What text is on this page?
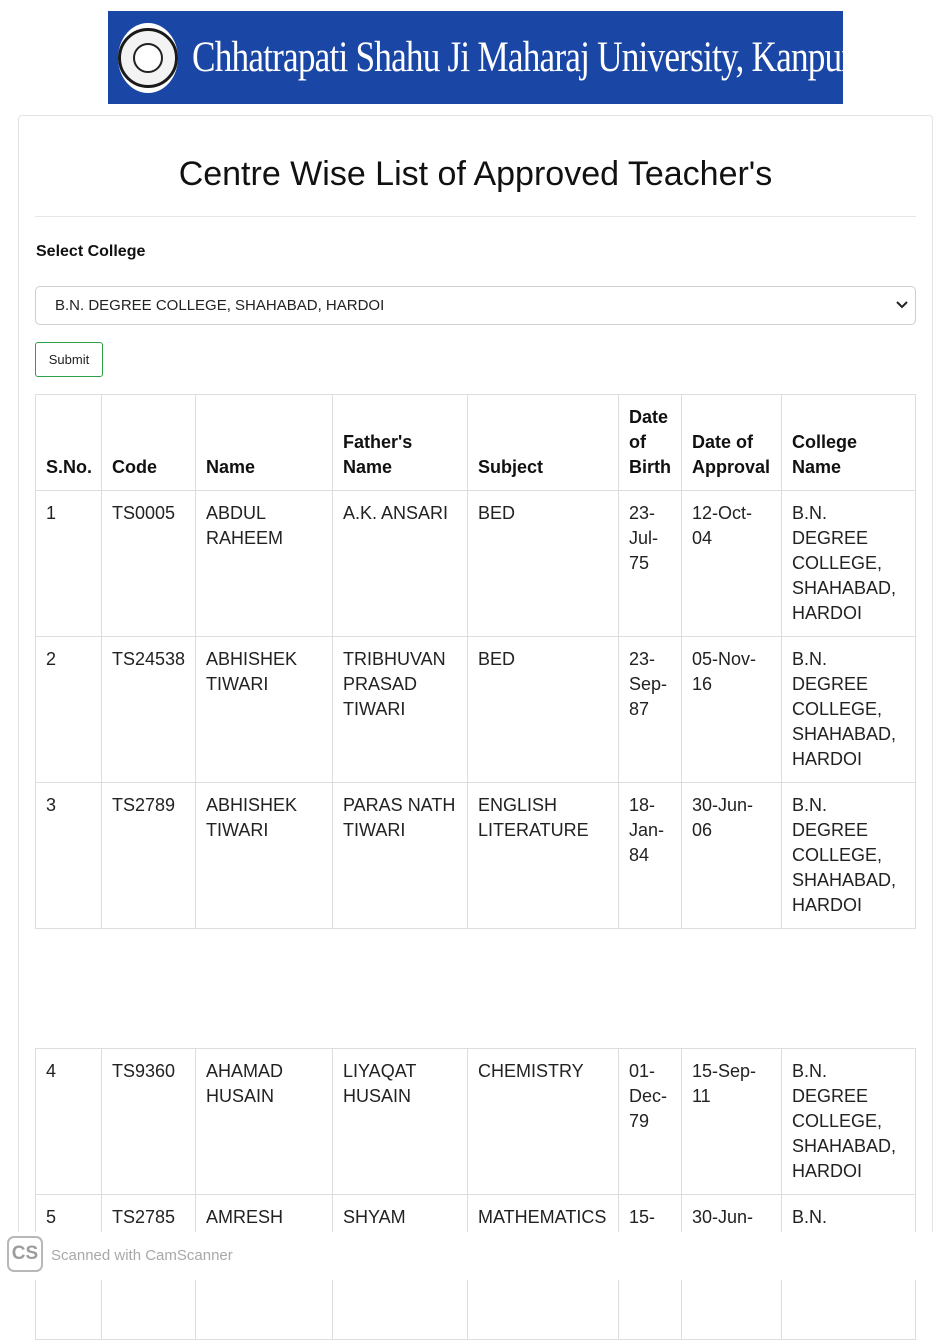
Chhatrapati Shahu Ji Maharaj University, Kanpur
Centre Wise List of Approved Teacher's
Select College
B.N. DEGREE COLLEGE, SHAHABAD, HARDOI
Submit
S.No.	Code	Name	Father's Name	Subject	Date of Birth	Date of Approval	College Name
1	TS0005	ABDUL RAHEEM	A.K. ANSARI	BED	23-Jul-75	12-Oct-04	B.N. DEGREE COLLEGE, SHAHABAD, HARDOI
2	TS24538	ABHISHEK TIWARI	TRIBHUVAN PRASAD TIWARI	BED	23-Sep-87	05-Nov-16	B.N. DEGREE COLLEGE, SHAHABAD, HARDOI
3	TS2789	ABHISHEK TIWARI	PARAS NATH TIWARI	ENGLISH LITERATURE	18-Jan-84	30-Jun-06	B.N. DEGREE COLLEGE, SHAHABAD, HARDOI
4	TS9360	AHAMAD HUSAIN	LIYAQAT HUSAIN	CHEMISTRY	01-Dec-79	15-Sep-11	B.N. DEGREE COLLEGE, SHAHABAD, HARDOI
5	TS2785	AMRESH	SHYAM	MATHEMATICS	15-	30-Jun-	B.N.
CS Scanned with CamScanner
